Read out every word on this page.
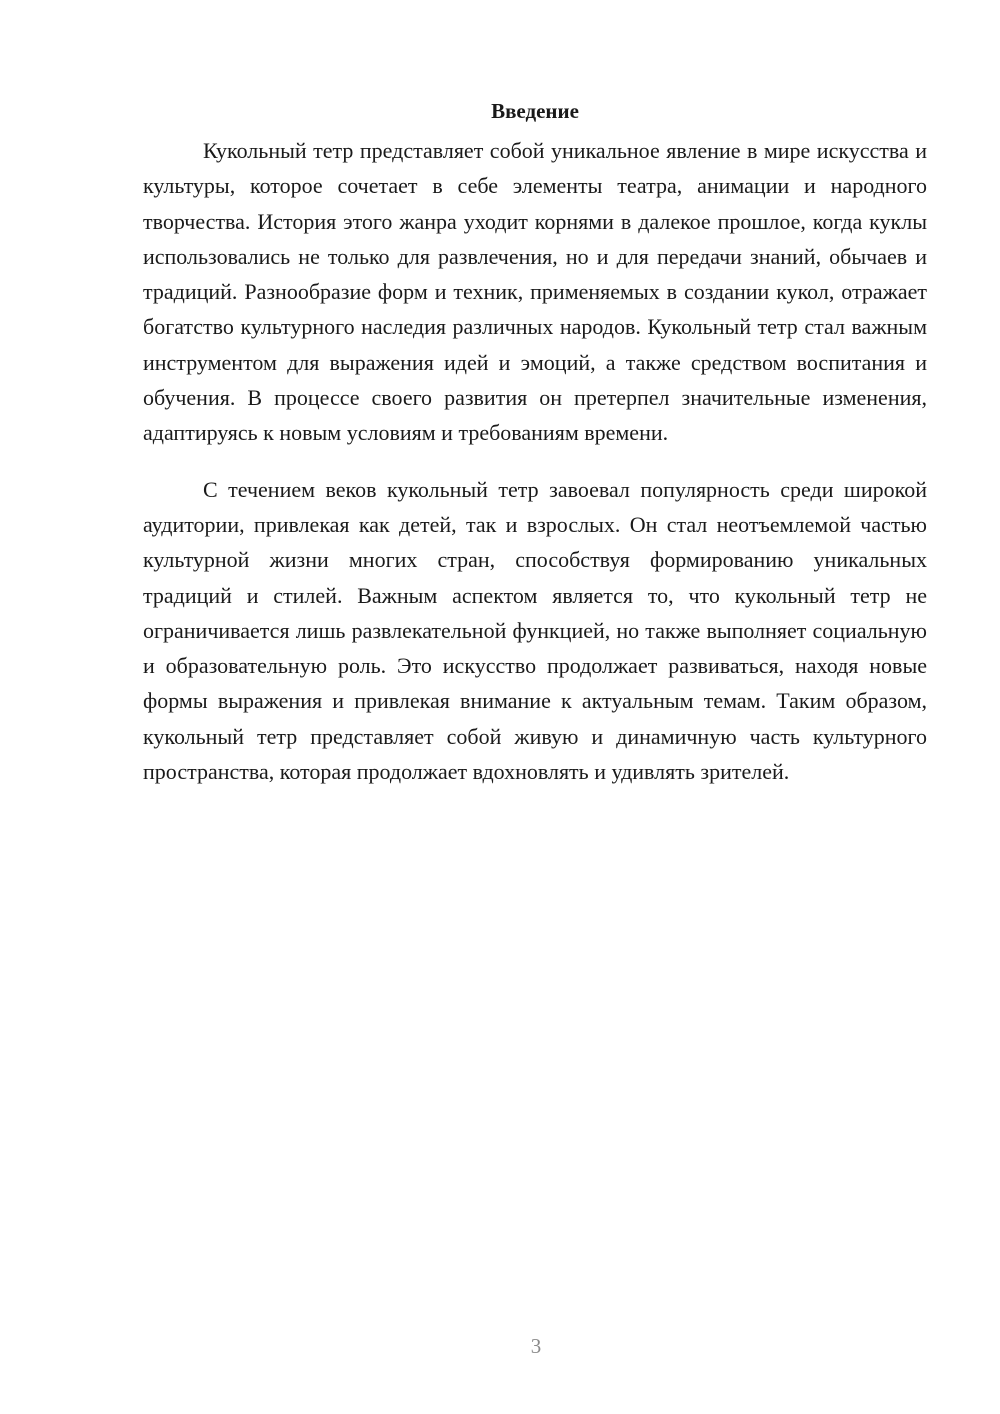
Введение

Кукольный тетр представляет собой уникальное явление в мире искусства и культуры, которое сочетает в себе элементы театра, анимации и народного творчества. История этого жанра уходит корнями в далекое прошлое, когда куклы использовались не только для развлечения, но и для передачи знаний, обычаев и традиций. Разнообразие форм и техник, применяемых в создании кукол, отражает богатство культурного наследия различных народов. Кукольный тетр стал важным инструментом для выражения идей и эмоций, а также средством воспитания и обучения. В процессе своего развития он претерпел значительные изменения, адаптируясь к новым условиям и требованиям времени.

С течением веков кукольный тетр завоевал популярность среди широкой аудитории, привлекая как детей, так и взрослых. Он стал неотъемлемой частью культурной жизни многих стран, способствуя формированию уникальных традиций и стилей. Важным аспектом является то, что кукольный тетр не ограничивается лишь развлекательной функцией, но также выполняет социальную и образовательную роль. Это искусство продолжает развиваться, находя новые формы выражения и привлекая внимание к актуальным темам. Таким образом, кукольный тетр представляет собой живую и динамичную часть культурного пространства, которая продолжает вдохновлять и удивлять зрителей.

3
